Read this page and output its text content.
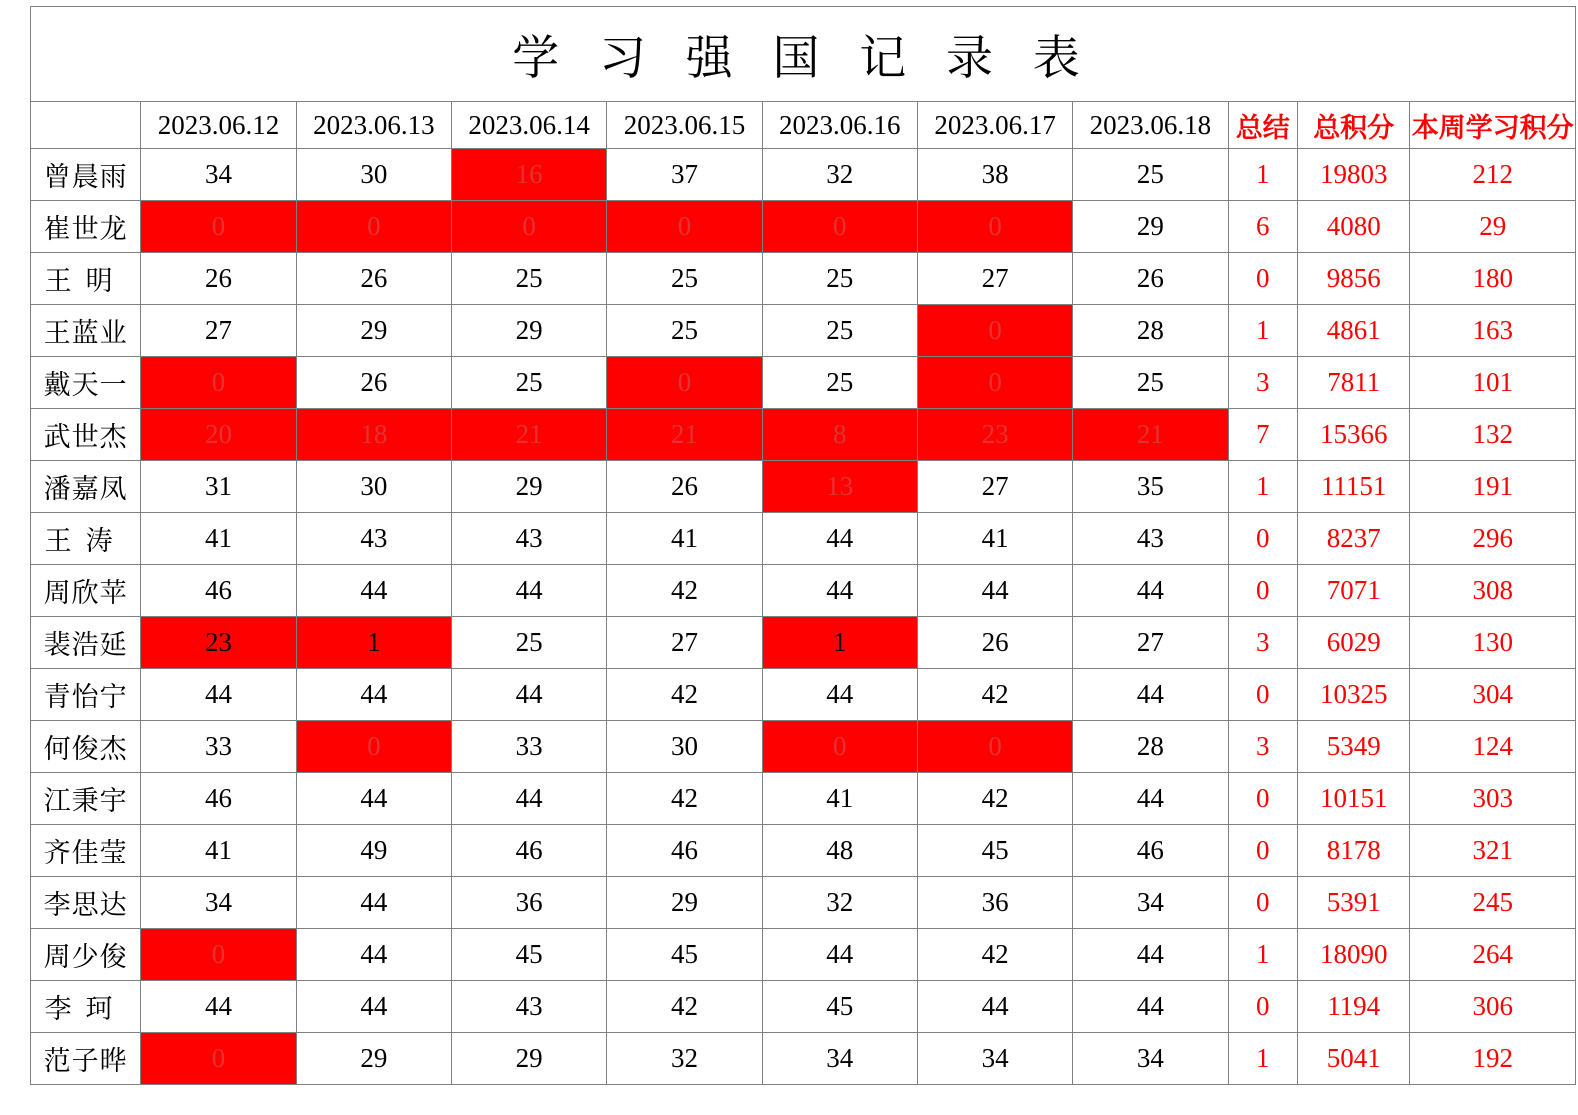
学 习 强 国 记 录 表										
	2023.06.12	2023.06.13	2023.06.14	2023.06.15	2023.06.16	2023.06.17	2023.06.18	总结	总积分	本周学习积分
曾晨雨	34	30	16	37	32	38	25	1	19803	212
崔世龙	0	0	0	0	0	0	29	6	4080	29
王明	26	26	25	25	25	27	26	0	9856	180
王蓝业	27	29	29	25	25	0	28	1	4861	163
戴天一	0	26	25	0	25	0	25	3	7811	101
武世杰	20	18	21	21	8	23	21	7	15366	132
潘嘉凤	31	30	29	26	13	27	35	1	11151	191
王涛	41	43	43	41	44	41	43	0	8237	296
周欣苹	46	44	44	42	44	44	44	0	7071	308
裴浩延	23	1	25	27	1	26	27	3	6029	130
青怡宁	44	44	44	42	44	42	44	0	10325	304
何俊杰	33	0	33	30	0	0	28	3	5349	124
江秉宇	46	44	44	42	41	42	44	0	10151	303
齐佳莹	41	49	46	46	48	45	46	0	8178	321
李思达	34	44	36	29	32	36	34	0	5391	245
周少俊	0	44	45	45	44	42	44	1	18090	264
李珂	44	44	43	42	45	44	44	0	1194	306
范子晔	0	29	29	32	34	34	34	1	5041	192
